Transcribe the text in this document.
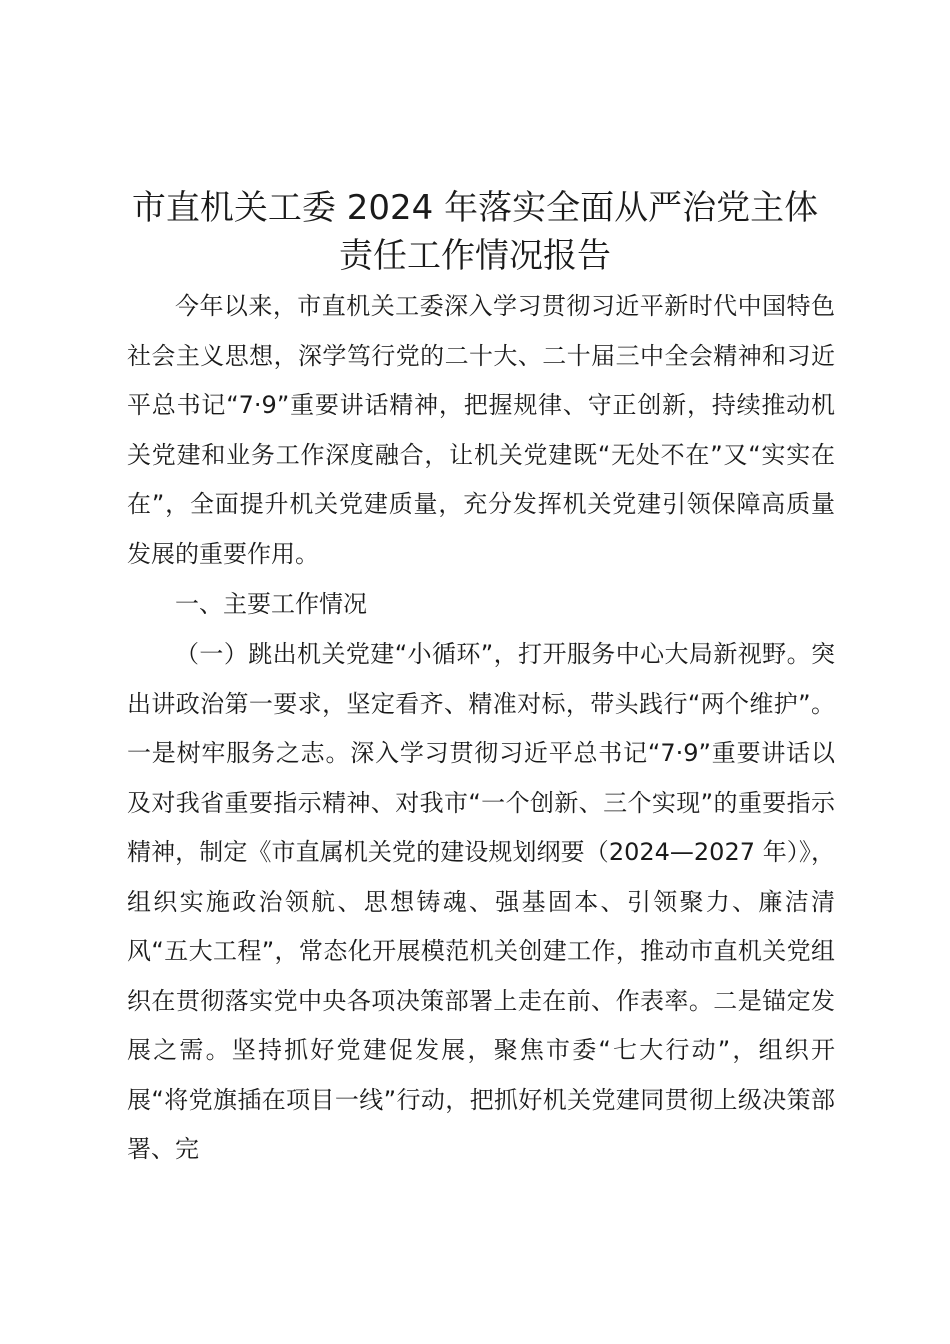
市直机关工委 2024 年落实全面从严治党主体
责任工作情况报告

今年以来，市直机关工委深入学习贯彻习近平新时代中国特色社会主义思想，深学笃行党的二十大、二十届三中全会精神和习近平总书记“7·9”重要讲话精神，把握规律、守正创新，持续推动机关党建和业务工作深度融合，让机关党建既“无处不在”又“实实在在”，全面提升机关党建质量，充分发挥机关党建引领保障高质量发展的重要作用。

一、主要工作情况

（一）跳出机关党建“小循环”，打开服务中心大局新视野。突出讲政治第一要求，坚定看齐、精准对标，带头践行“两个维护”。一是树牢服务之志。深入学习贯彻习近平总书记“7·9”重要讲话以及对我省重要指示精神、对我市“一个创新、三个实现”的重要指示精神，制定《市直属机关党的建设规划纲要（2024—2027 年）》，组织实施政治领航、思想铸魂、强基固本、引领聚力、廉洁清风“五大工程”，常态化开展模范机关创建工作，推动市直机关党组织在贯彻落实党中央各项决策部署上走在前、作表率。二是锚定发展之需。坚持抓好党建促发展，聚焦市委“七大行动”，组织开展“将党旗插在项目一线”行动，把抓好机关党建同贯彻上级决策部署、完
